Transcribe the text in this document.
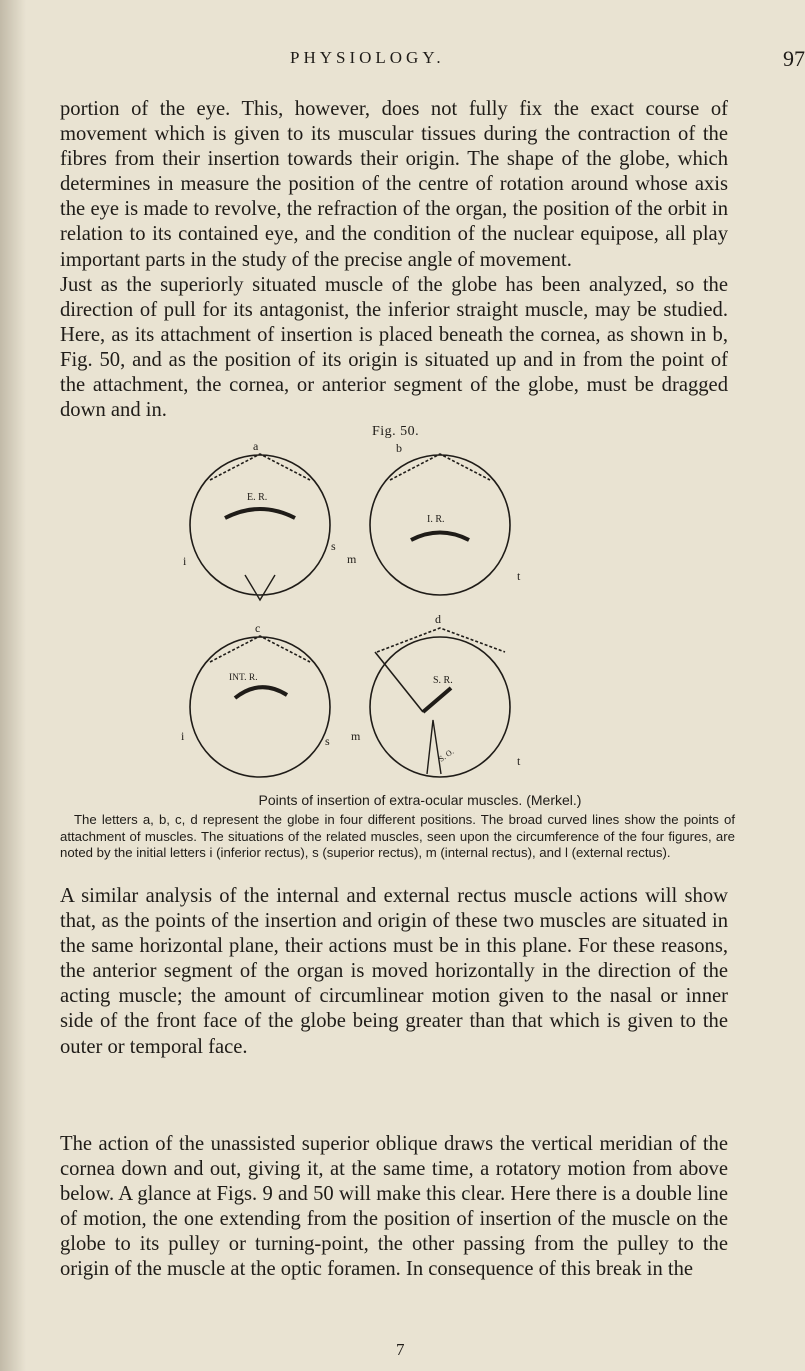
PHYSIOLOGY.	97

portion of the eye. This, however, does not fully fix the exact course of movement which is given to its muscular tissues during the contraction of the fibres from their insertion towards their origin. The shape of the globe, which determines in measure the position of the centre of rotation around whose axis the eye is made to revolve, the refraction of the organ, the position of the orbit in relation to its contained eye, and the condition of the nuclear equipose, all play important parts in the study of the precise angle of movement.

Just as the superiorly situated muscle of the globe has been analyzed, so the direction of pull for its antagonist, the inferior straight muscle, may be studied. Here, as its attachment of insertion is placed beneath the cornea, as shown in b, Fig. 50, and as the position of its origin is situated up and in from the point of the attachment, the cornea, or anterior segment of the globe, must be dragged down and in.

Fig. 50.
a
E. R.
i
s
b
I. R.
m
t
c
INT. R.
i	s
d
S. R.
m
t
S. O.
Points of insertion of extra-ocular muscles. (Merkel.)

The letters a, b, c, d represent the globe in four different positions. The broad curved lines show the points of attachment of muscles. The situations of the related muscles, seen upon the circumference of the four figures, are noted by the initial letters i (inferior rectus), s (superior rectus), m (internal rectus), and l (external rectus).

A similar analysis of the internal and external rectus muscle actions will show that, as the points of the insertion and origin of these two muscles are situated in the same horizontal plane, their actions must be in this plane. For these reasons, the anterior segment of the organ is moved horizontally in the direction of the acting muscle; the amount of circumlinear motion given to the nasal or inner side of the front face of the globe being greater than that which is given to the outer or temporal face.

The action of the unassisted superior oblique draws the vertical meridian of the cornea down and out, giving it, at the same time, a rotatory motion from above below. A glance at Figs. 9 and 50 will make this clear. Here there is a double line of motion, the one extending from the position of insertion of the muscle on the globe to its pulley or turning-point, the other passing from the pulley to the origin of the muscle at the optic foramen. In consequence of this break in the

7
